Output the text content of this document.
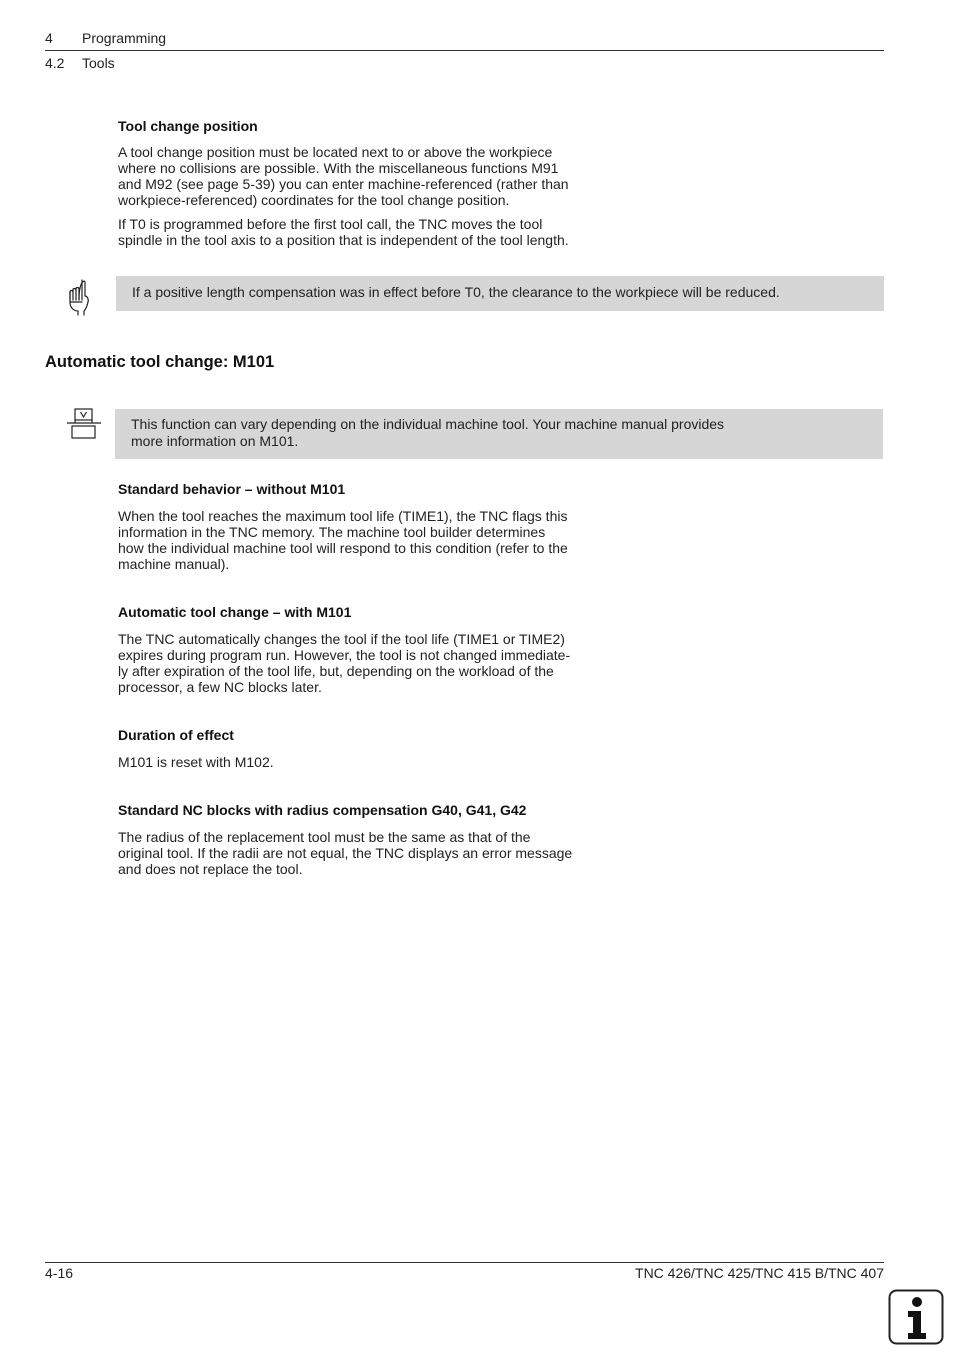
4 Programming
4.2 Tools
Tool change position
A tool change position must be located next to or above the workpiece
where no collisions are possible. With the miscellaneous functions M91
and M92 (see page 5-39) you can enter machine-referenced (rather than
workpiece-referenced) coordinates for the tool change position.
If T0 is programmed before the first tool call, the TNC moves the tool
spindle in the tool axis to a position that is independent of the tool length.
If a positive length compensation was in effect before T0, the clearance to the workpiece will be reduced.
Automatic tool change: M101
This function can vary depending on the individual machine tool. Your machine manual provides
more information on M101.
Standard behavior – without M101
When the tool reaches the maximum tool life (TIME1), the TNC flags this
information in the TNC memory. The machine tool builder determines
how the individual machine tool will respond to this condition (refer to the
machine manual).
Automatic tool change – with M101
The TNC automatically changes the tool if the tool life (TIME1 or TIME2)
expires during program run. However, the tool is not changed immediate-
ly after expiration of the tool life, but, depending on the workload of the
processor, a few NC blocks later.
Duration of effect
M101 is reset with M102.
Standard NC blocks with radius compensation G40, G41, G42
The radius of the replacement tool must be the same as that of the
original tool. If the radii are not equal, the TNC displays an error message
and does not replace the tool.
4-16	TNC 426/TNC 425/TNC 415 B/TNC 407
